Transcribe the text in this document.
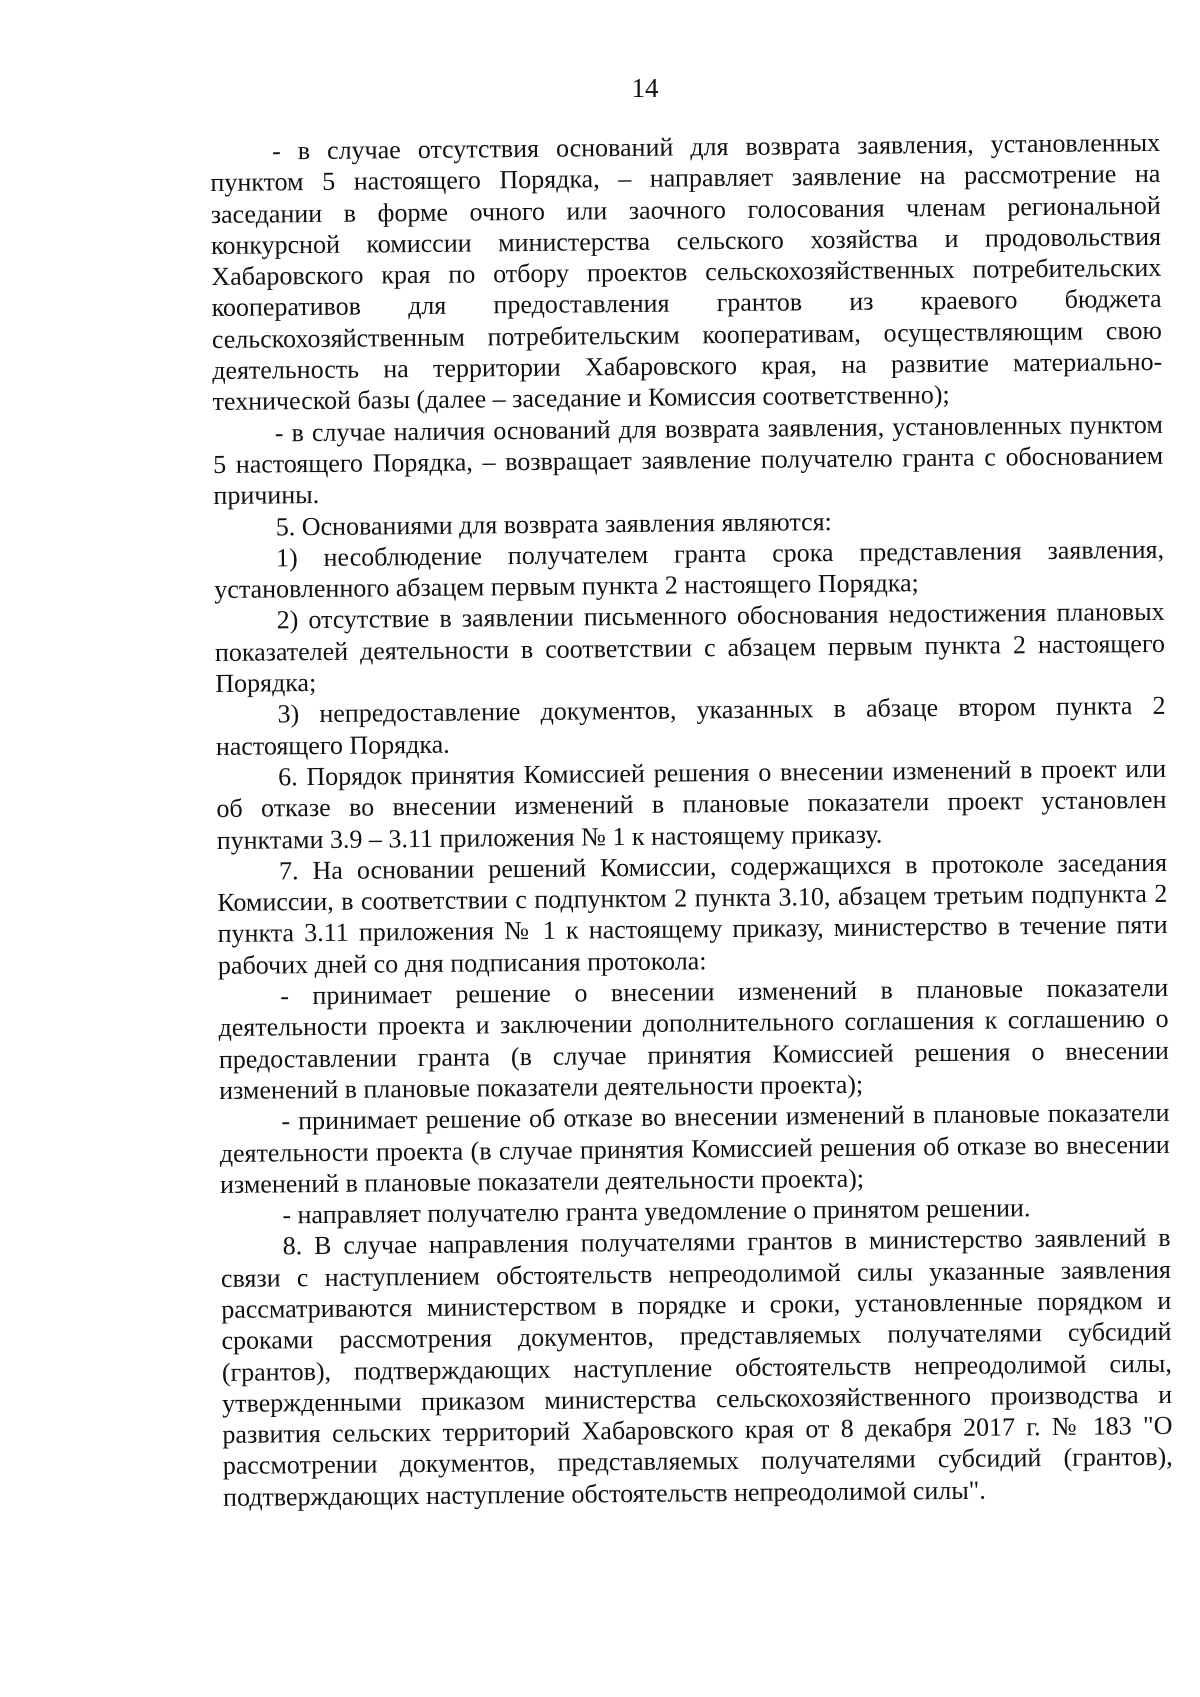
14

- в случае отсутствия оснований для возврата заявления, установленных пунктом 5 настоящего Порядка, – направляет заявление на рассмотрение на заседании в форме очного или заочного голосования членам региональной конкурсной комиссии министерства сельского хозяйства и продовольствия Хабаровского края по отбору проектов сельскохозяйственных потребительских кооперативов для предоставления грантов из краевого бюджета сельскохозяйственным потребительским кооперативам, осуществляющим свою деятельность на территории Хабаровского края, на развитие материально-технической базы (далее – заседание и Комиссия соответственно);

- в случае наличия оснований для возврата заявления, установленных пунктом 5 настоящего Порядка, – возвращает заявление получателю гранта с обоснованием причины.

5. Основаниями для возврата заявления являются:

1) несоблюдение получателем гранта срока представления заявления, установленного абзацем первым пункта 2 настоящего Порядка;

2) отсутствие в заявлении письменного обоснования недостижения плановых показателей деятельности в соответствии с абзацем первым пункта 2 настоящего Порядка;

3) непредоставление документов, указанных в абзаце втором пункта 2 настоящего Порядка.

6. Порядок принятия Комиссией решения о внесении изменений в проект или об отказе во внесении изменений в плановые показатели проект установлен пунктами 3.9 – 3.11 приложения № 1 к настоящему приказу.

7. На основании решений Комиссии, содержащихся в протоколе заседания Комиссии, в соответствии с подпунктом 2 пункта 3.10, абзацем третьим подпункта 2 пункта 3.11 приложения № 1 к настоящему приказу, министерство в течение пяти рабочих дней со дня подписания протокола:

- принимает решение о внесении изменений в плановые показатели деятельности проекта и заключении дополнительного соглашения к соглашению о предоставлении гранта (в случае принятия Комиссией решения о внесении изменений в плановые показатели деятельности проекта);

- принимает решение об отказе во внесении изменений в плановые показатели деятельности проекта (в случае принятия Комиссией решения об отказе во внесении изменений в плановые показатели деятельности проекта);

- направляет получателю гранта уведомление о принятом решении.

8. В случае направления получателями грантов в министерство заявлений в связи с наступлением обстоятельств непреодолимой силы указанные заявления рассматриваются министерством в порядке и сроки, установленные порядком и сроками рассмотрения документов, представляемых получателями субсидий (грантов), подтверждающих наступление обстоятельств непреодолимой силы, утвержденными приказом министерства сельскохозяйственного производства и развития сельских территорий Хабаровского края от 8 декабря 2017 г. № 183 "О рассмотрении документов, представляемых получателями субсидий (грантов), подтверждающих наступление обстоятельств непреодолимой силы".
